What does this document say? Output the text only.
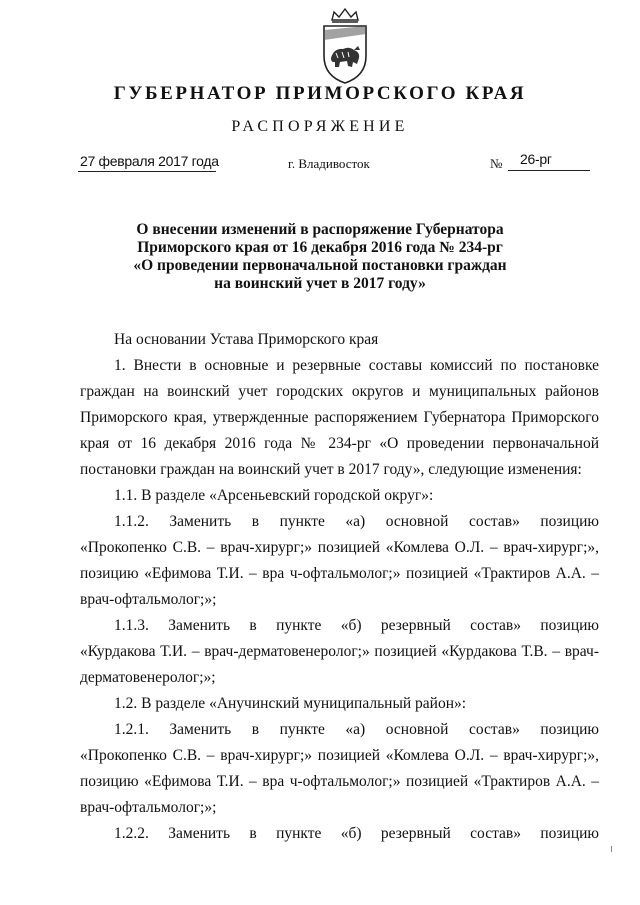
ГУБЕРНАТОР ПРИМОРСКОГО КРАЯ
РАСПОРЯЖЕНИЕ
27 февраля 2017 года	г. Владивосток	№ 26-рг
О внесении изменений в распоряжение Губернатора
Приморского края от 16 декабря 2016 года № 234-рг
«О проведении первоначальной постановки граждан
на воинский учет в 2017 году»
На основании Устава Приморского края
1. Внести в основные и резервные составы комиссий по постановке
граждан на воинский учет городских округов и муниципальных районов
Приморского края, утвержденные распоряжением Губернатора Приморского
края от 16 декабря 2016 года № 234-рг «О проведении первоначальной
постановки граждан на воинский учет в 2017 году», следующие изменения:
1.1. В разделе «Арсеньевский городской округ»:
1.1.2. Заменить в пункте «а) основной состав» позицию
«Прокопенко С.В. – врач-хирург;» позицией «Комлева О.Л. – врач-хирург;»,
позицию «Ефимова Т.И. – вра ч-офтальмолог;» позицией «Трактиров А.А. –
врач-офтальмолог;»;
1.1.3. Заменить в пункте «б) резервный состав» позицию
«Курдакова Т.И. – врач-дерматовенеролог;» позицией «Курдакова Т.В. – врач-
дерматовенеролог;»;
1.2. В разделе «Анучинский муниципальный район»:
1.2.1. Заменить в пункте «а) основной состав» позицию
«Прокопенко С.В. – врач-хирург;» позицией «Комлева О.Л. – врач-хирург;»,
позицию «Ефимова Т.И. – вра ч-офтальмолог;» позицией «Трактиров А.А. –
врач-офтальмолог;»;
1.2.2. Заменить в пункте «б) резервный состав» позицию
